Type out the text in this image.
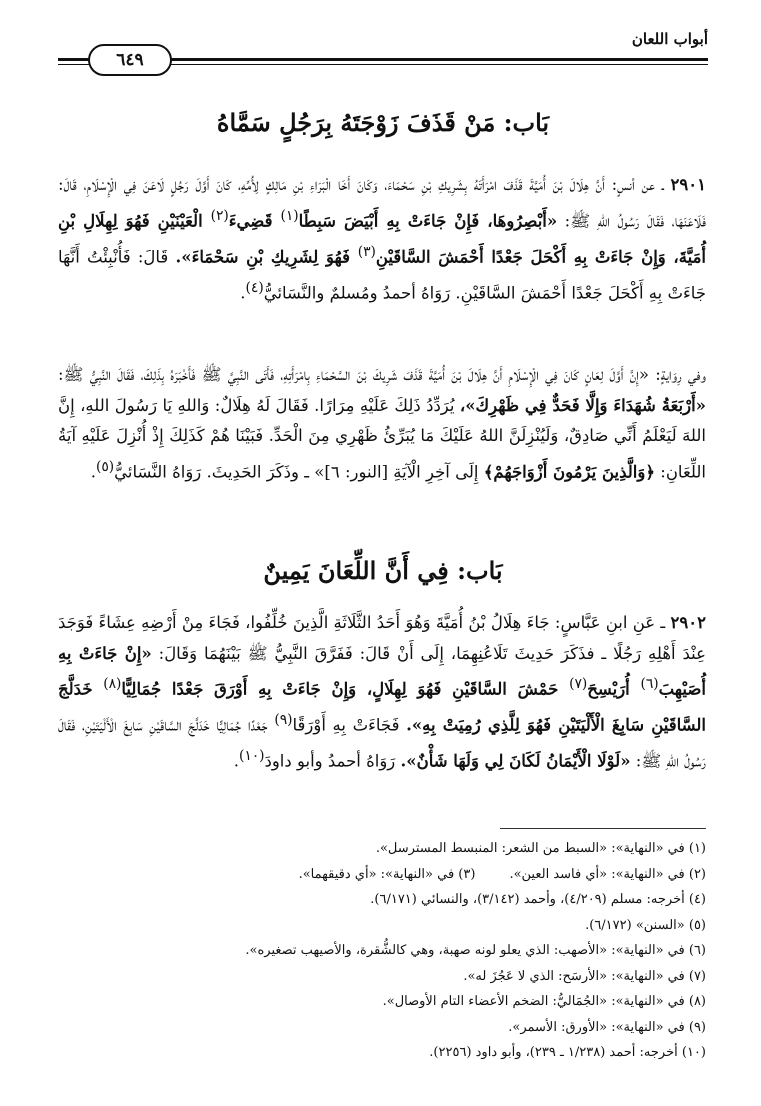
أبواب اللعان
٦٤٩
بَاب: مَنْ قَذَفَ زَوْجَتَهُ بِرَجُلٍ سَمَّاهُ
٢٩٠١ ـ عن أنسٍ: أَنَّ هِلَالَ بْنَ أُمَيَّةَ قَذَفَ امْرَأَتَهُ بِشَرِيكِ بْنِ سَحْمَاءَ، وَكَانَ أَخَا الْبَرَاءِ بْنِ مَالِكٍ لِأُمِّهِ، كَانَ أَوَّلَ رَجُلٍ لَاعَنَ فِي الْإِسْلَامِ، قَالَ: فَلَاعَنَهَا، فَقَالَ رَسُولُ اللهِ ﷺ: «أَبْصِرُوهَا، فَإِنْ جَاءَتْ بِهِ أَبْيَضَ سَبِطًا$^{(١)}$ قَضِيءَ$^{(٢)}$ الْعَيْنَيْنِ فَهُوَ لِهِلَالِ بْنِ أُمَيَّةَ، وَإِنْ جَاءَتْ بِهِ أَكْحَلَ جَعْدًا أَحْمَشَ السَّاقَيْنِ$^{(٣)}$ فَهُوَ لِشَرِيكِ بْنِ سَحْمَاءَ». قَالَ: فَأُنْبِئْتُ أَنَّهَا جَاءَتْ بِهِ أَكْحَلَ جَعْدًا أَحْمَشَ السَّاقَيْنِ. رَوَاهُ أحمدُ ومُسلمٌ والنَّسَائيُّ$^{(٤)}$.
وفي رِوَايةٍ: «إِنَّ أَوَّلَ لِعَانٍ كَانَ فِي الْإِسْلَامِ أَنَّ هِلَالَ بْنَ أُمَيَّةَ قَذَفَ شَرِيكَ بْنَ السَّحْمَاءِ بِامْرَأَتِهِ، فَأَتَى النَّبِيَّ ﷺ فَأَخْبَرَهُ بِذَلِكَ، فَقَالَ النَّبِيُّ ﷺ: «أَرْبَعَةُ شُهَدَاءَ وَإِلَّا فَحَدٌّ فِي ظَهْرِكَ»، يُرَدِّدُ ذَلِكَ عَلَيْهِ مِرَارًا. فَقَالَ لَهُ هِلَالٌ: وَاللهِ يَا رَسُولَ اللهِ، إِنَّ اللهَ لَيَعْلَمُ أَنِّي صَادِقٌ، وَلَيُنْزِلَنَّ اللهُ عَلَيْكَ مَا يُبَرِّئُ ظَهْرِي مِنَ الْحَدِّ. فَبَيْنَا هُمْ كَذَلِكَ إِذْ أُنْزِلَ عَلَيْهِ آيَةُ اللِّعَانِ: ﴿وَالَّذِينَ يَرْمُونَ أَزْوَاجَهُمْ﴾ إِلَى آخِرِ الْآيَةِ [النور: ٦]» ـ وذَكَرَ الحَدِيثَ. رَوَاهُ النَّسَائيُّ$^{(٥)}$.
بَاب: فِي أَنَّ اللِّعَانَ يَمِينٌ
٢٩٠٢ ـ عَنِ ابنِ عَبَّاسٍ: جَاءَ هِلَالُ بْنُ أُمَيَّةَ وَهُوَ أَحَدُ الثَّلَاثَةِ الَّذِينَ خُلِّفُوا، فَجَاءَ مِنْ أَرْضِهِ عِشَاءً فَوَجَدَ عِنْدَ أَهْلِهِ رَجُلًا ـ فذَكَرَ حَدِيثَ تَلَاعُنِهِمَا، إِلَى أَنْ قَالَ: فَفَرَّقَ النَّبِيُّ ﷺ بَيْنَهُمَا وَقَالَ: «إِنْ جَاءَتْ بِهِ أُصَيْهِبَ$^{(٦)}$ أُرَيْسِحَ$^{(٧)}$ حَمْشَ السَّاقَيْنِ فَهُوَ لِهِلَالٍ، وَإِنْ جَاءَتْ بِهِ أَوْرَقَ جَعْدًا جُمَالِيًّا$^{(٨)}$ خَدَلَّجَ السَّاقَيْنِ سَابِغَ الْأَلْيَتَيْنِ فَهُوَ لِلَّذِي رُمِيَتْ بِهِ». فَجَاءَتْ بِهِ أَوْرَقًا$^{(٩)}$ جَعْدًا جُمَالِيًّا خَدَلَّجَ السَّاقَيْنِ سَابِغَ الْأَلْيَتَيْنِ، فَقَالَ رَسُولُ اللهِ ﷺ: «لَوْلَا الْأَيْمَانُ لَكَانَ لِي وَلَهَا شَأْنٌ». رَوَاهُ أحمدُ وأبو داودَ$^{(١٠)}$.
(١) في «النهاية»: «السبط من الشعر: المنبسط المسترسل».
(٢) في «النهاية»: «أي فاسد العين».
(٣) في «النهاية»: «أي دقيقهما».
(٤) أخرجه: مسلم (٤/٢٠٩)، وأحمد (٣/١٤٢)، والنسائي (٦/١٧١).
(٥) «السنن» (٦/١٧٢).
(٦) في «النهاية»: «الأصهب: الذي يعلو لونه صهبة، وهي كالشُّقرة، والأصيهب تصغيره».
(٧) في «النهاية»: «الأرسَح: الذي لا عَجُزَ له».
(٨) في «النهاية»: «الجُمَاليُّ: الضخم الأعضاء التام الأوصال».
(٩) في «النهاية»: «الأورق: الأسمر».
(١٠) أخرجه: أحمد (١/٢٣٨ ـ ٢٣٩)، وأبو داود (٢٢٥٦).
